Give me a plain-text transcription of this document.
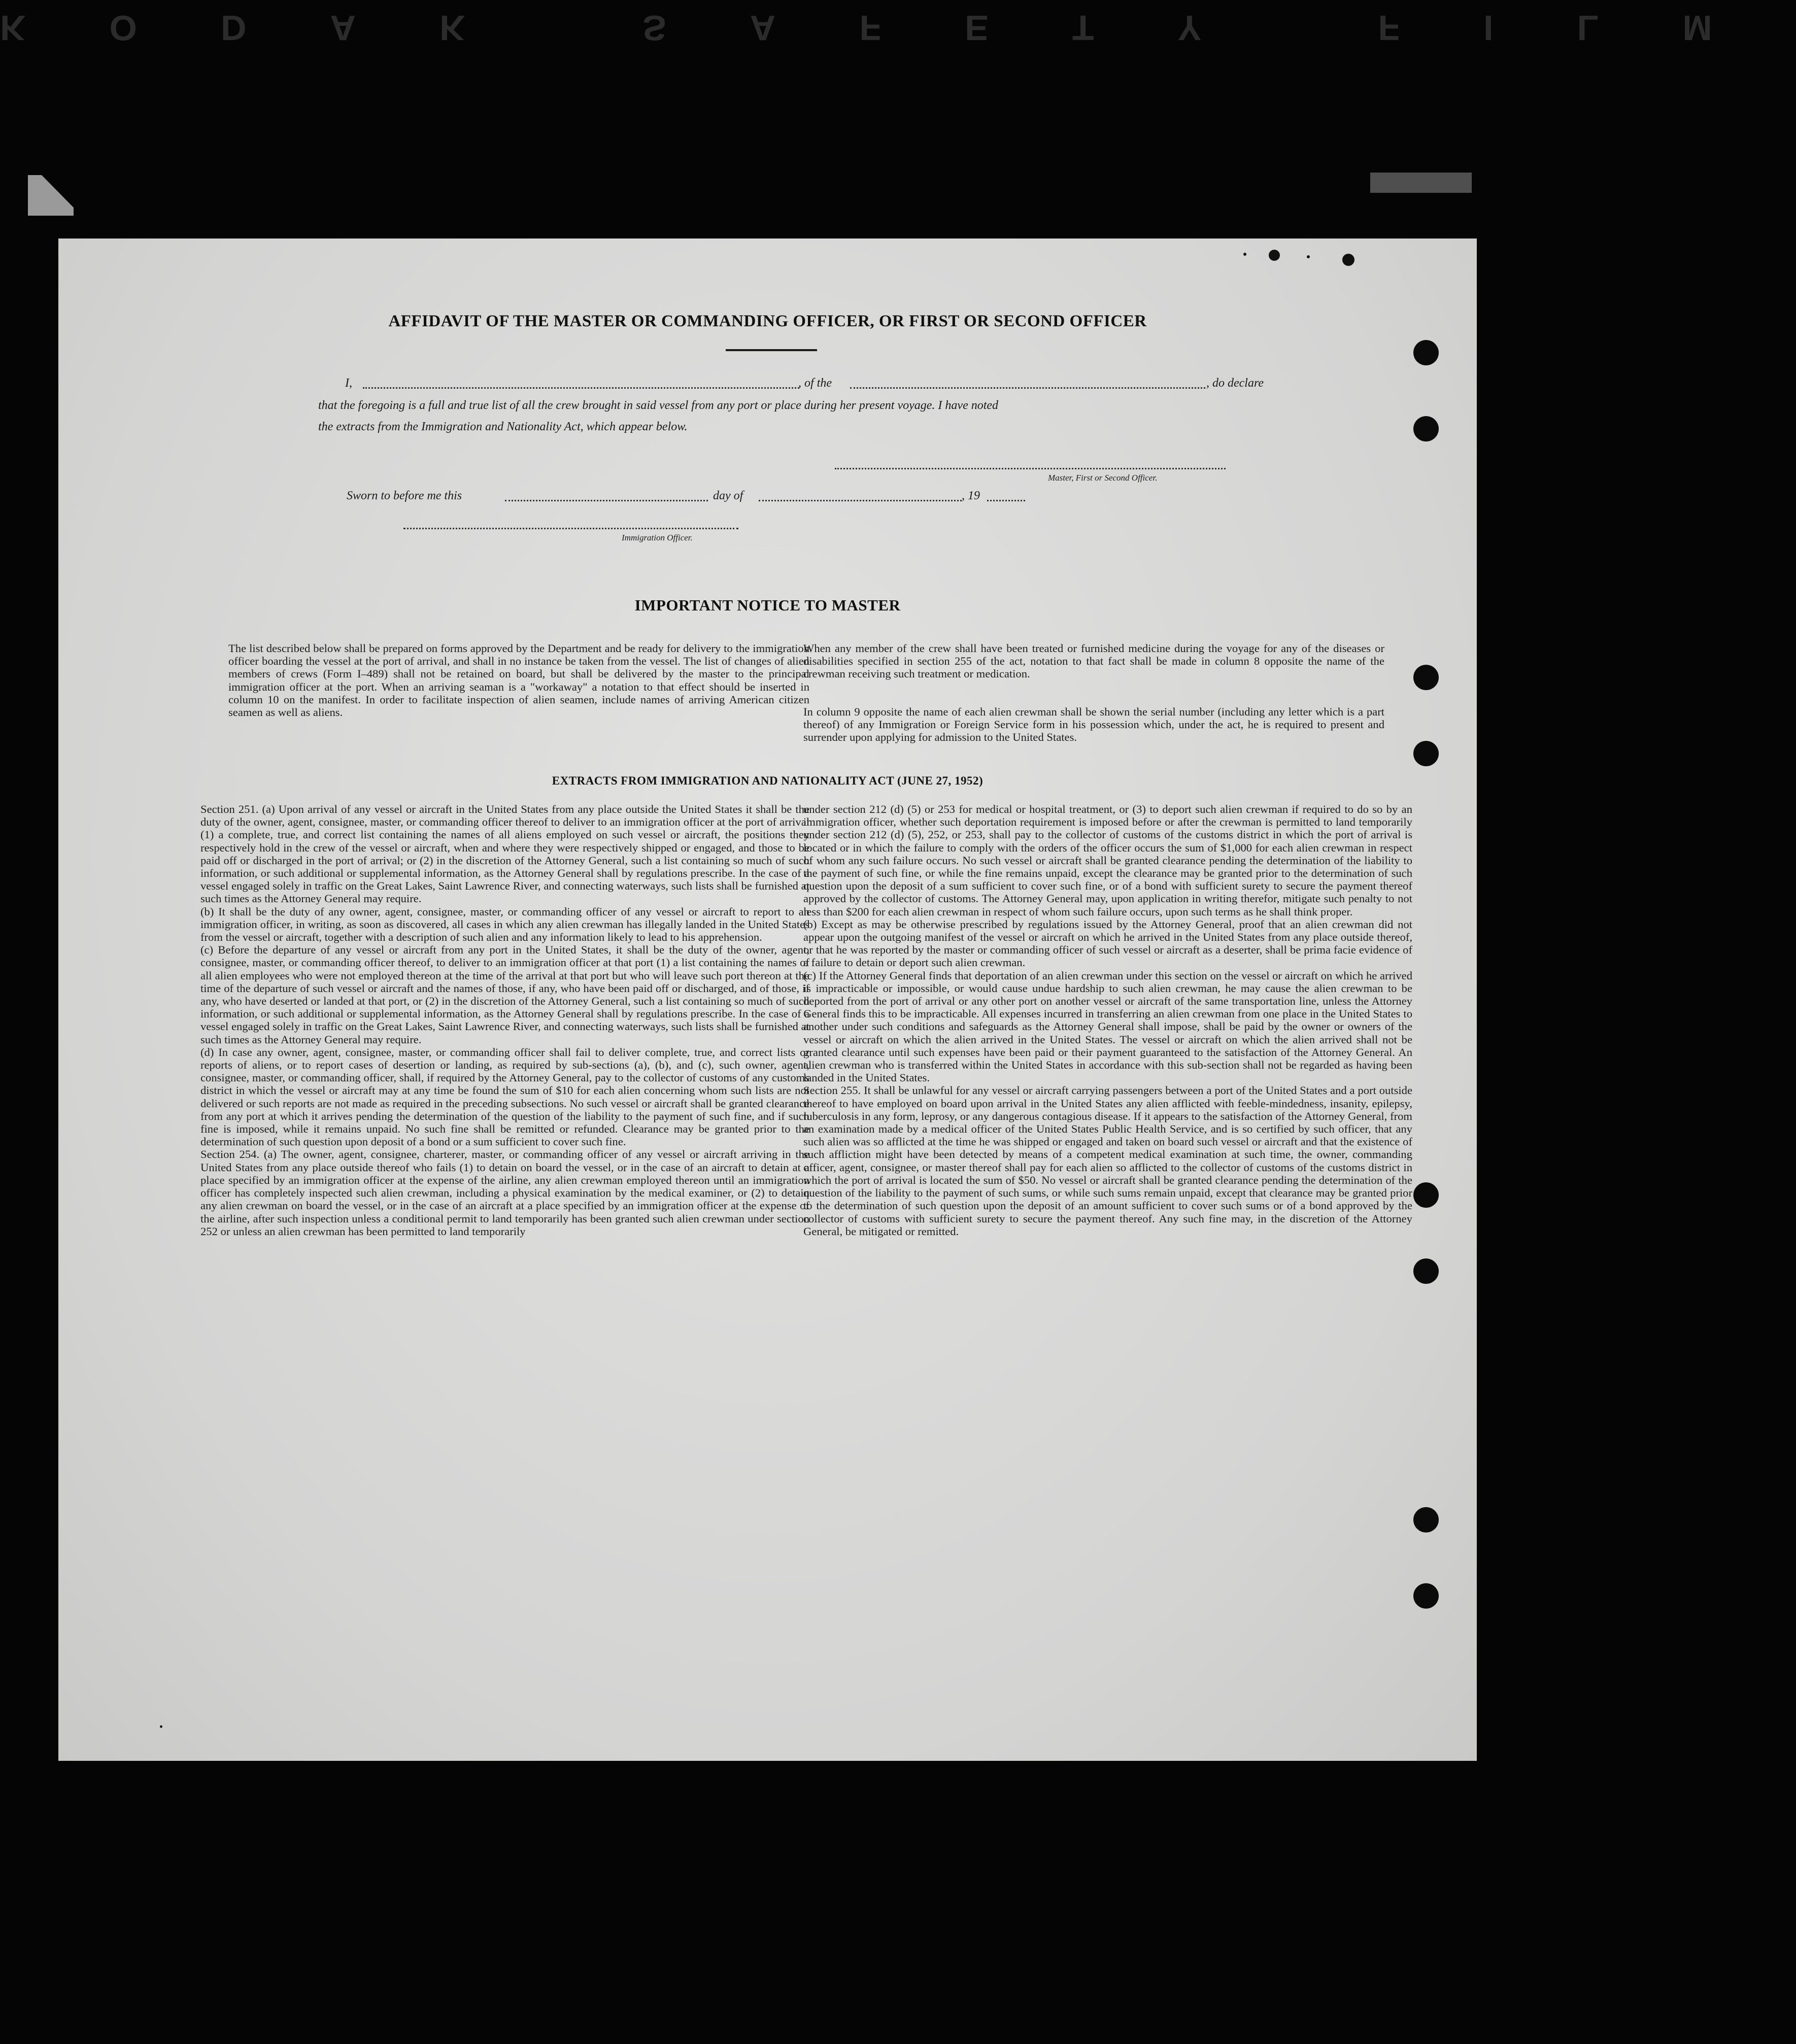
KODAK SAFETY FILM
AFFIDAVIT OF THE MASTER OR COMMANDING OFFICER, OR FIRST OR SECOND OFFICER
I,	, of the	, do declare
that the foregoing is a full and true list of all the crew brought in said vessel from any port or place during her present voyage. I have noted
the extracts from the Immigration and Nationality Act, which appear below.
Master, First or Second Officer.
Sworn to before me this	day of	, 19
Immigration Officer.
IMPORTANT NOTICE TO MASTER
The list described below shall be prepared on forms approved by the Department and be ready for delivery to the immigration officer boarding the vessel at the port of arrival, and shall in no instance be taken from the vessel. The list of changes of alien members of crews (Form I–489) shall not be retained on board, but shall be delivered by the master to the principal immigration officer at the port. When an arriving seaman is a "workaway" a notation to that effect should be inserted in column 10 on the manifest. In order to facilitate inspection of alien seamen, include names of arriving American citizen seamen as well as aliens.
When any member of the crew shall have been treated or furnished medicine during the voyage for any of the diseases or disabilities specified in section 255 of the act, notation to that fact shall be made in column 8 opposite the name of the crewman receiving such treatment or medication.
In column 9 opposite the name of each alien crewman shall be shown the serial number (including any letter which is a part thereof) of any Immigration or Foreign Service form in his possession which, under the act, he is required to present and surrender upon applying for admission to the United States.
EXTRACTS FROM IMMIGRATION AND NATIONALITY ACT (JUNE 27, 1952)
Section 251. (a) Upon arrival of any vessel or aircraft in the United States from any place outside the United States it shall be the duty of the owner, agent, consignee, master, or commanding officer thereof to deliver to an immigration officer at the port of arrival (1) a complete, true, and correct list containing the names of all aliens employed on such vessel or aircraft, the positions they respectively hold in the crew of the vessel or aircraft, when and where they were respectively shipped or engaged, and those to be paid off or discharged in the port of arrival; or (2) in the discretion of the Attorney General, such a list containing so much of such information, or such additional or supplemental information, as the Attorney General shall by regulations prescribe. In the case of a vessel engaged solely in traffic on the Great Lakes, Saint Lawrence River, and connecting waterways, such lists shall be furnished at such times as the Attorney General may require.
(b) It shall be the duty of any owner, agent, consignee, master, or commanding officer of any vessel or aircraft to report to an immigration officer, in writing, as soon as discovered, all cases in which any alien crewman has illegally landed in the United States from the vessel or aircraft, together with a description of such alien and any information likely to lead to his apprehension.
(c) Before the departure of any vessel or aircraft from any port in the United States, it shall be the duty of the owner, agent, consignee, master, or commanding officer thereof, to deliver to an immigration officer at that port (1) a list containing the names of all alien employees who were not employed thereon at the time of the arrival at that port but who will leave such port thereon at the time of the departure of such vessel or aircraft and the names of those, if any, who have been paid off or discharged, and of those, if any, who have deserted or landed at that port, or (2) in the discretion of the Attorney General, such a list containing so much of such information, or such additional or supplemental information, as the Attorney General shall by regulations prescribe. In the case of a vessel engaged solely in traffic on the Great Lakes, Saint Lawrence River, and connecting waterways, such lists shall be furnished at such times as the Attorney General may require.
(d) In case any owner, agent, consignee, master, or commanding officer shall fail to deliver complete, true, and correct lists or reports of aliens, or to report cases of desertion or landing, as required by sub-sections (a), (b), and (c), such owner, agent, consignee, master, or commanding officer, shall, if required by the Attorney General, pay to the collector of customs of any customs district in which the vessel or aircraft may at any time be found the sum of $10 for each alien concerning whom such lists are not delivered or such reports are not made as required in the preceding subsections. No such vessel or aircraft shall be granted clearance from any port at which it arrives pending the determination of the question of the liability to the payment of such fine, and if such fine is imposed, while it remains unpaid. No such fine shall be remitted or refunded. Clearance may be granted prior to the determination of such question upon deposit of a bond or a sum sufficient to cover such fine.
Section 254. (a) The owner, agent, consignee, charterer, master, or commanding officer of any vessel or aircraft arriving in the United States from any place outside thereof who fails (1) to detain on board the vessel, or in the case of an aircraft to detain at a place specified by an immigration officer at the expense of the airline, any alien crewman employed thereon until an immigration officer has completely inspected such alien crewman, including a physical examination by the medical examiner, or (2) to detain any alien crewman on board the vessel, or in the case of an aircraft at a place specified by an immigration officer at the expense of the airline, after such inspection unless a conditional permit to land temporarily has been granted such alien crewman under section 252 or unless an alien crewman has been permitted to land temporarily
under section 212 (d) (5) or 253 for medical or hospital treatment, or (3) to deport such alien crewman if required to do so by an immigration officer, whether such deportation requirement is imposed before or after the crewman is permitted to land temporarily under section 212 (d) (5), 252, or 253, shall pay to the collector of customs of the customs district in which the port of arrival is located or in which the failure to comply with the orders of the officer occurs the sum of $1,000 for each alien crewman in respect of whom any such failure occurs. No such vessel or aircraft shall be granted clearance pending the determination of the liability to the payment of such fine, or while the fine remains unpaid, except the clearance may be granted prior to the determination of such question upon the deposit of a sum sufficient to cover such fine, or of a bond with sufficient surety to secure the payment thereof approved by the collector of customs. The Attorney General may, upon application in writing therefor, mitigate such penalty to not less than $200 for each alien crewman in respect of whom such failure occurs, upon such terms as he shall think proper.
(b) Except as may be otherwise prescribed by regulations issued by the Attorney General, proof that an alien crewman did not appear upon the outgoing manifest of the vessel or aircraft on which he arrived in the United States from any place outside thereof, or that he was reported by the master or commanding officer of such vessel or aircraft as a deserter, shall be prima facie evidence of a failure to detain or deport such alien crewman.
(c) If the Attorney General finds that deportation of an alien crewman under this section on the vessel or aircraft on which he arrived is impracticable or impossible, or would cause undue hardship to such alien crewman, he may cause the alien crewman to be deported from the port of arrival or any other port on another vessel or aircraft of the same transportation line, unless the Attorney General finds this to be impracticable. All expenses incurred in transferring an alien crewman from one place in the United States to another under such conditions and safeguards as the Attorney General shall impose, shall be paid by the owner or owners of the vessel or aircraft on which the alien arrived in the United States. The vessel or aircraft on which the alien arrived shall not be granted clearance until such expenses have been paid or their payment guaranteed to the satisfaction of the Attorney General. An alien crewman who is transferred within the United States in accordance with this sub-section shall not be regarded as having been landed in the United States.
Section 255. It shall be unlawful for any vessel or aircraft carrying passengers between a port of the United States and a port outside thereof to have employed on board upon arrival in the United States any alien afflicted with feeble-mindedness, insanity, epilepsy, tuberculosis in any form, leprosy, or any dangerous contagious disease. If it appears to the satisfaction of the Attorney General, from an examination made by a medical officer of the United States Public Health Service, and is so certified by such officer, that any such alien was so afflicted at the time he was shipped or engaged and taken on board such vessel or aircraft and that the existence of such affliction might have been detected by means of a competent medical examination at such time, the owner, commanding officer, agent, consignee, or master thereof shall pay for each alien so afflicted to the collector of customs of the customs district in which the port of arrival is located the sum of $50. No vessel or aircraft shall be granted clearance pending the determination of the question of the liability to the payment of such sums, or while such sums remain unpaid, except that clearance may be granted prior to the determination of such question upon the deposit of an amount sufficient to cover such sums or of a bond approved by the collector of customs with sufficient surety to secure the payment thereof. Any such fine may, in the discretion of the Attorney General, be mitigated or remitted.
